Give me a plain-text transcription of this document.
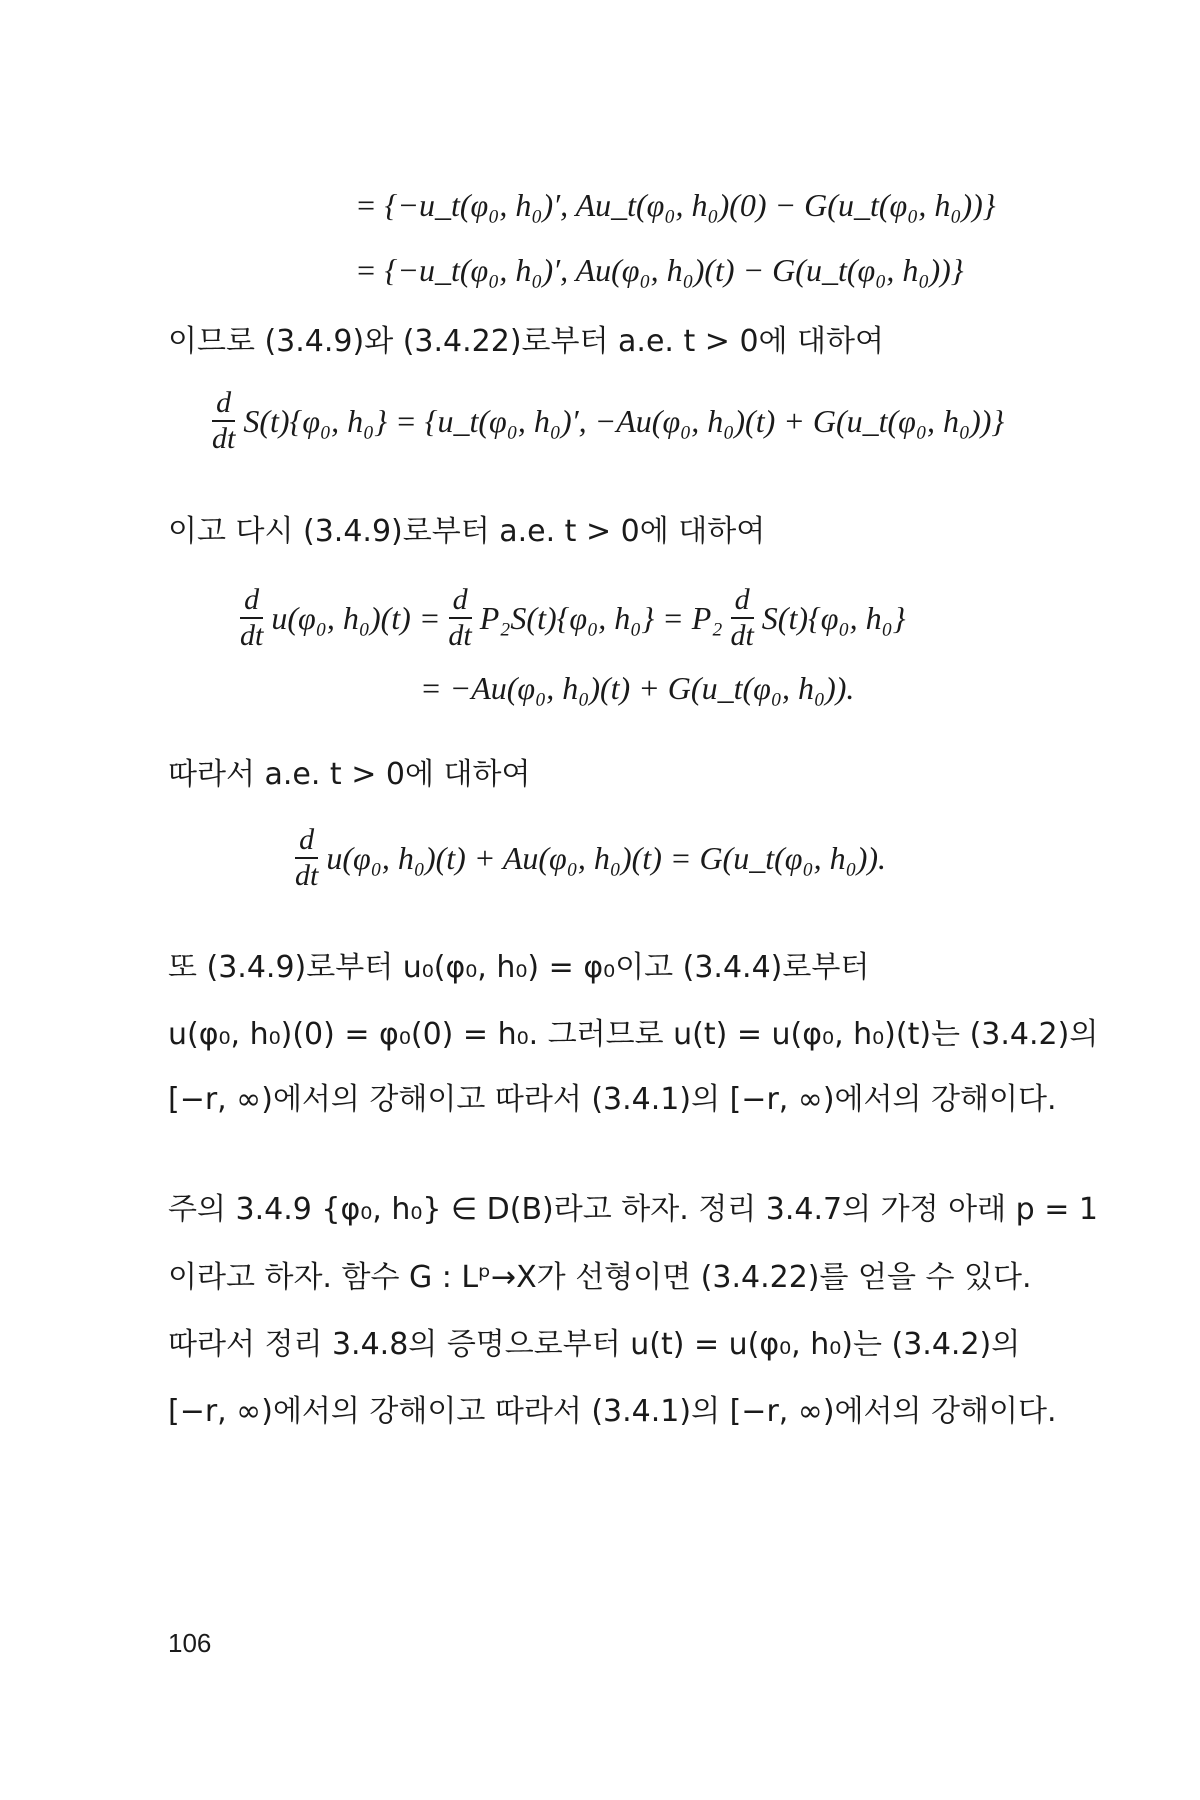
= {−u_t(φ₀, h₀)′, Au_t(φ₀, h₀)(0) − G(u_t(φ₀, h₀))}
= {−u_t(φ₀, h₀)′, Au(φ₀, h₀)(t) − G(u_t(φ₀, h₀))}
이므로 (3.4.9)와 (3.4.22)로부터 a.e. t > 0에 대하여
$\frac{d}{dt} S(t)\{\varphi_0$, h₀} = {u_t(φ₀, h₀)′, −Au(φ₀, h₀)(t) + G(u_t(φ₀, h₀))}
이고 다시 (3.4.9)로부터 a.e. t > 0에 대하여
$\frac{d}{dt} u(\varphi_0$, $h_0)(t) = \frac{d}{dt} P_2S(t)\{\varphi_0$, $h_0\} = P_2 \frac{d}{dt} S(t)\{\varphi_0$, h₀}
= −Au(φ₀, h₀)(t) + G(u_t(φ₀, h₀)).
따라서 a.e. t > 0에 대하여
$\frac{d}{dt} u(\varphi_0$, h₀)(t) + Au(φ₀, h₀)(t) = G(u_t(φ₀, h₀)).
또 (3.4.9)로부터 u₀(φ₀, h₀) = φ₀이고 (3.4.4)로부터
u(φ₀, h₀)(0) = φ₀(0) = h₀. 그러므로 u(t) = u(φ₀, h₀)(t)는 (3.4.2)의
[−r, ∞)에서의 강해이고 따라서 (3.4.1)의 [−r, ∞)에서의 강해이다.
주의 3.4.9 {φ₀, h₀} ∈ D(B)라고 하자. 정리 3.4.7의 가정 아래 p = 1
이라고 하자. 함수 G : Lᵖ→X가 선형이면 (3.4.22)를 얻을 수 있다.
따라서 정리 3.4.8의 증명으로부터 u(t) = u(φ₀, h₀)는 (3.4.2)의
[−r, ∞)에서의 강해이고 따라서 (3.4.1)의 [−r, ∞)에서의 강해이다.
106
